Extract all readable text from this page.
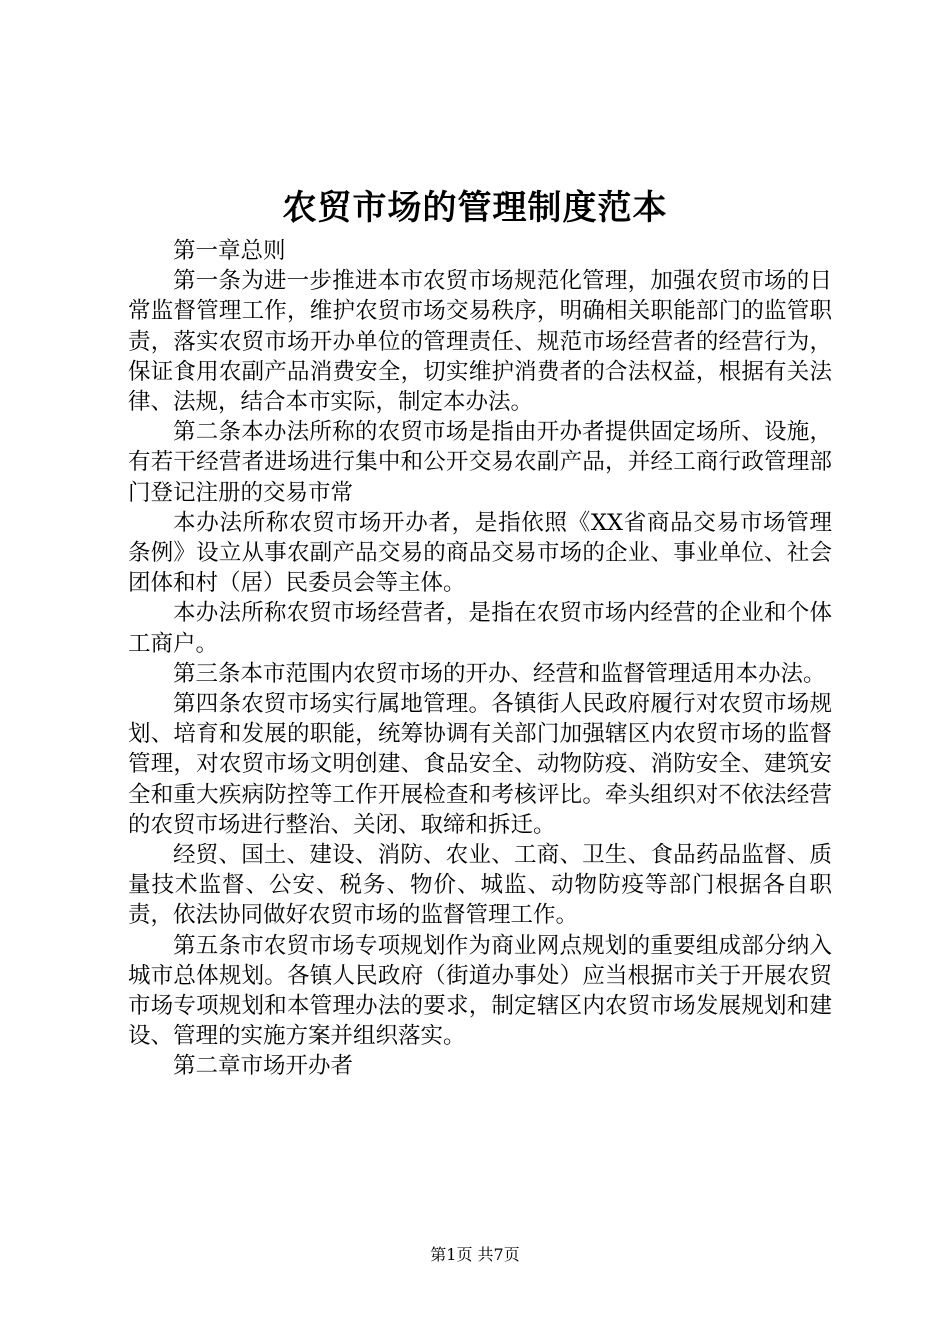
农贸市场的管理制度范本

第一章总则

第一条为进一步推进本市农贸市场规范化管理，加强农贸市场的日常监督管理工作，维护农贸市场交易秩序，明确相关职能部门的监管职责，落实农贸市场开办单位的管理责任、规范市场经营者的经营行为，保证食用农副产品消费安全，切实维护消费者的合法权益，根据有关法律、法规，结合本市实际，制定本办法。

第二条本办法所称的农贸市场是指由开办者提供固定场所、设施，有若干经营者进场进行集中和公开交易农副产品，并经工商行政管理部门登记注册的交易市常

本办法所称农贸市场开办者，是指依照《XX省商品交易市场管理条例》设立从事农副产品交易的商品交易市场的企业、事业单位、社会团体和村（居）民委员会等主体。

本办法所称农贸市场经营者，是指在农贸市场内经营的企业和个体工商户。

第三条本市范围内农贸市场的开办、经营和监督管理适用本办法。

第四条农贸市场实行属地管理。各镇街人民政府履行对农贸市场规划、培育和发展的职能，统筹协调有关部门加强辖区内农贸市场的监督管理，对农贸市场文明创建、食品安全、动物防疫、消防安全、建筑安全和重大疾病防控等工作开展检查和考核评比。牵头组织对不依法经营的农贸市场进行整治、关闭、取缔和拆迁。

经贸、国土、建设、消防、农业、工商、卫生、食品药品监督、质量技术监督、公安、税务、物价、城监、动物防疫等部门根据各自职责，依法协同做好农贸市场的监督管理工作。

第五条市农贸市场专项规划作为商业网点规划的重要组成部分纳入城市总体规划。各镇人民政府（街道办事处）应当根据市关于开展农贸市场专项规划和本管理办法的要求，制定辖区内农贸市场发展规划和建设、管理的实施方案并组织落实。

第二章市场开办者

第1页 共7页
